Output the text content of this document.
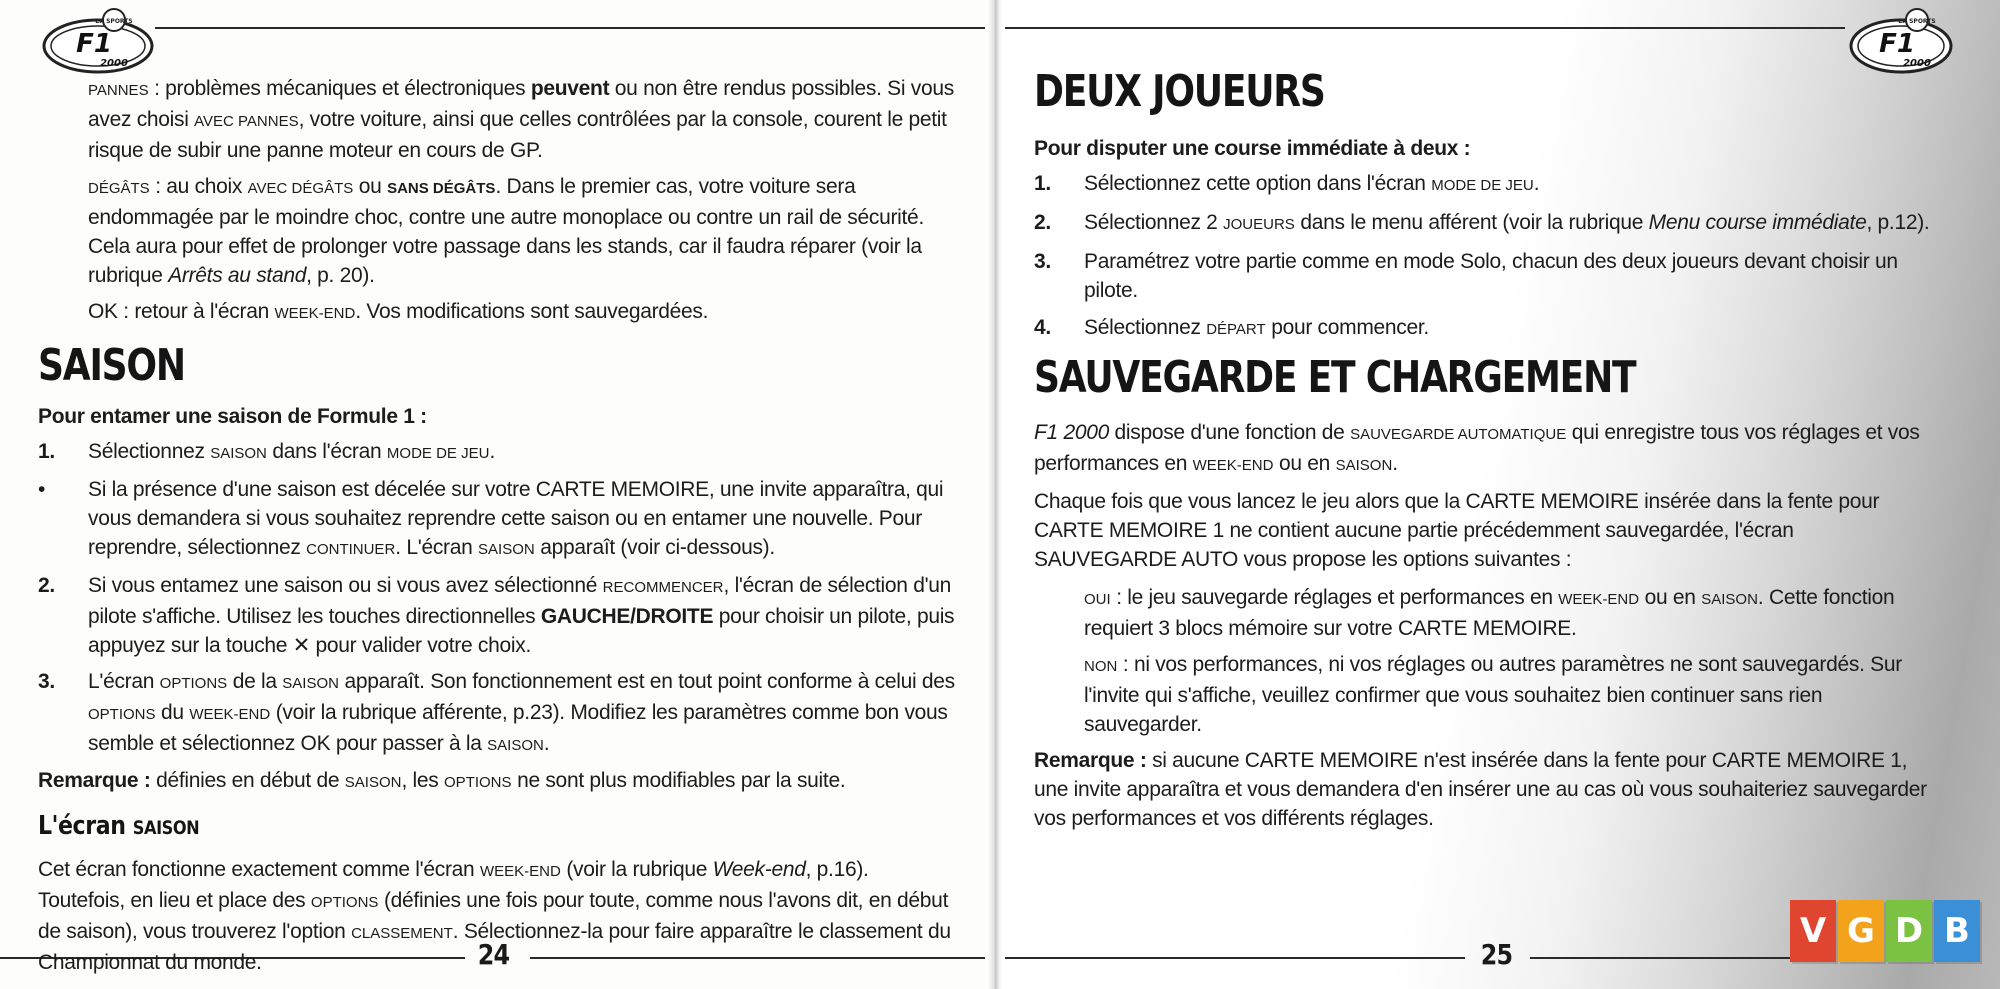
EA SPORTS
F1
2000
EA SPORTS
F1
2000

PANNES : problèmes mécaniques et électroniques peuvent ou non être rendus possibles. Si vous avez choisi AVEC PANNES, votre voiture, ainsi que celles contrôlées par la console, courent le petit risque de subir une panne moteur en cours de GP.

DÉGÂTS : au choix AVEC DÉGÂTS ou SANS DÉGÂTS. Dans le premier cas, votre voiture sera endommagée par le moindre choc, contre une autre monoplace ou contre un rail de sécurité. Cela aura pour effet de prolonger votre passage dans les stands, car il faudra réparer (voir la rubrique Arrêts au stand, p. 20).

OK : retour à l'écran WEEK-END. Vos modifications sont sauvegardées.

SAISON

Pour entamer une saison de Formule 1 :

1.	Sélectionnez SAISON dans l'écran MODE DE JEU.
•	Si la présence d'une saison est décelée sur votre CARTE MEMOIRE, une invite apparaîtra, qui vous demandera si vous souhaitez reprendre cette saison ou en entamer une nouvelle. Pour reprendre, sélectionnez CONTINUER. L'écran SAISON apparaît (voir ci-dessous).
2.	Si vous entamez une saison ou si vous avez sélectionné RECOMMENCER, l'écran de sélection d'un pilote s'affiche. Utilisez les touches directionnelles GAUCHE/DROITE pour choisir un pilote, puis appuyez sur la touche ✕ pour valider votre choix.
3.	L'écran OPTIONS de la SAISON apparaît. Son fonctionnement est en tout point conforme à celui des OPTIONS du WEEK-END (voir la rubrique afférente, p.23). Modifiez les paramètres comme bon vous semble et sélectionnez OK pour passer à la SAISON.

Remarque : définies en début de SAISON, les OPTIONS ne sont plus modifiables par la suite.

L'écran SAISON

Cet écran fonctionne exactement comme l'écran WEEK-END (voir la rubrique Week-end, p.16). Toutefois, en lieu et place des OPTIONS (définies une fois pour toute, comme nous l'avons dit, en début de saison), vous trouverez l'option CLASSEMENT. Sélectionnez-la pour faire apparaître le classement du Championnat du monde.	24
DEUX JOUEURS

Pour disputer une course immédiate à deux :

1.	Sélectionnez cette option dans l'écran MODE DE JEU.
2.	Sélectionnez 2 JOUEURS dans le menu afférent (voir la rubrique Menu course immédiate, p.12).
3.	Paramétrez votre partie comme en mode Solo, chacun des deux joueurs devant choisir un pilote.
4.	Sélectionnez DÉPART pour commencer.
SAUVEGARDE ET CHARGEMENT

F1 2000 dispose d'une fonction de SAUVEGARDE AUTOMATIQUE qui enregistre tous vos réglages et vos performances en WEEK-END ou en SAISON.

Chaque fois que vous lancez le jeu alors que la CARTE MEMOIRE insérée dans la fente pour CARTE MEMOIRE 1 ne contient aucune partie précédemment sauvegardée, l'écran SAUVEGARDE AUTO vous propose les options suivantes :

OUI : le jeu sauvegarde réglages et performances en WEEK-END ou en SAISON. Cette fonction requiert 3 blocs mémoire sur votre CARTE MEMOIRE.

NON : ni vos performances, ni vos réglages ou autres paramètres ne sont sauvegardés. Sur l'invite qui s'affiche, veuillez confirmer que vous souhaitez bien continuer sans rien sauvegarder.

Remarque : si aucune CARTE MEMOIRE n'est insérée dans la fente pour CARTE MEMOIRE 1, une invite apparaîtra et vous demandera d'en insérer une au cas où vous souhaiteriez sauvegarder vos performances et vos différents réglages.

25
V G D B
